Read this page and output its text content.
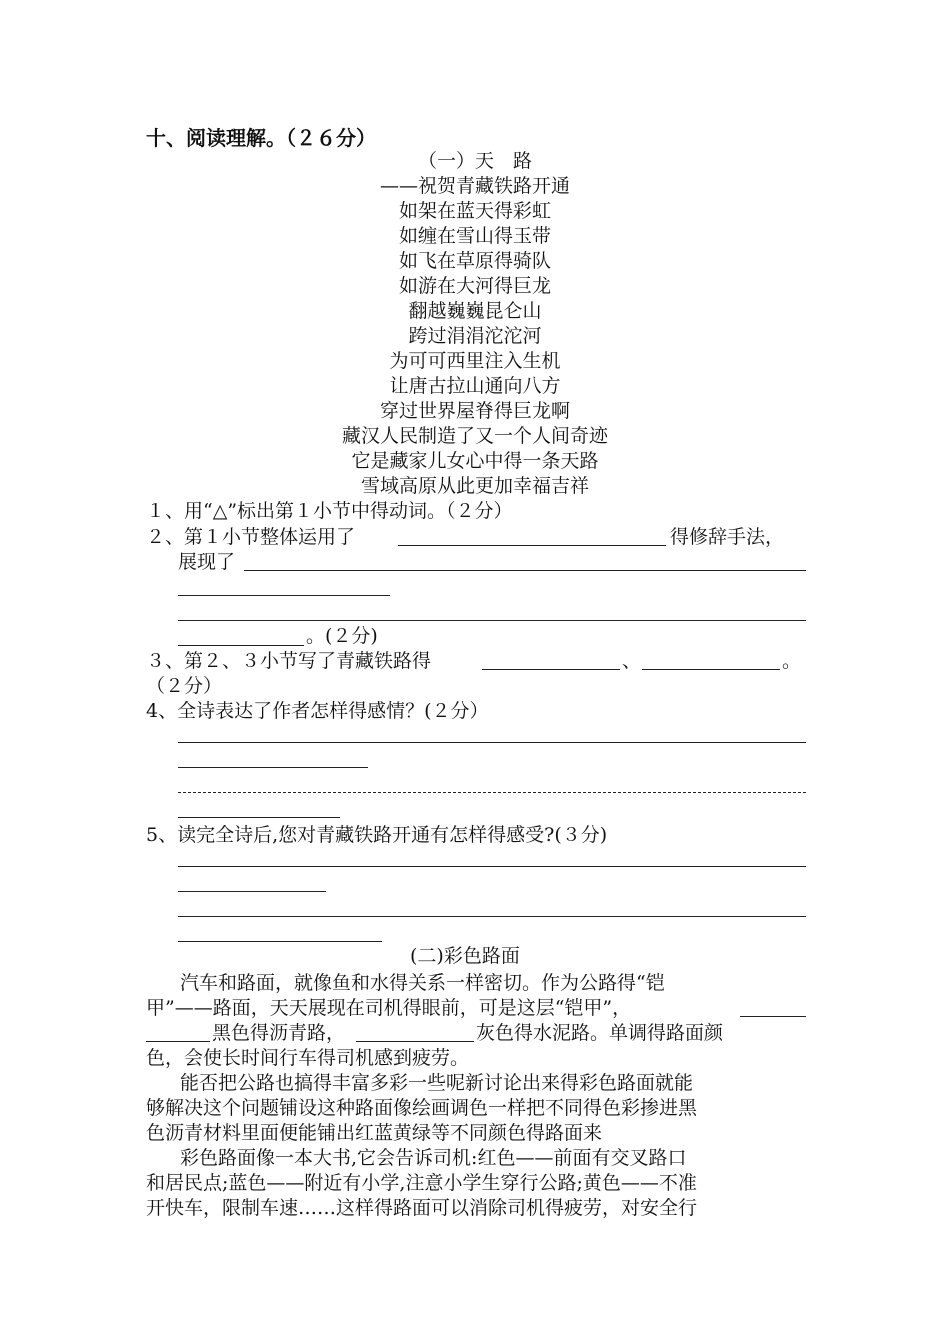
十、阅读理解。（２６分）
（一）天　路
——祝贺青藏铁路开通
如架在蓝天得彩虹
如缠在雪山得玉带
如飞在草原得骑队
如游在大河得巨龙
翻越巍巍昆仑山
跨过涓涓沱沱河
为可可西里注入生机
让唐古拉山通向八方
穿过世界屋脊得巨龙啊
藏汉人民制造了又一个人间奇迹
它是藏家儿女心中得一条天路
雪域高原从此更加幸福吉祥
１、用“△”标出第１小节中得动词。（２分）
２、第１小节整体运用了	得修辞手法，
展现了
。(２分)
３、第２、３小节写了青藏铁路得	、	。
（２分）
4、全诗表达了作者怎样得感情？(２分）
5、读完全诗后,您对青藏铁路开通有怎样得感受?(３分)
(二)彩色路面
汽车和路面，就像鱼和水得关系一样密切。作为公路得“铠
甲”——路面，天天展现在司机得眼前，可是这层“铠甲”，
黑色得沥青路，	灰色得水泥路。单调得路面颜
色，会使长时间行车得司机感到疲劳。
能否把公路也搞得丰富多彩一些呢新讨论出来得彩色路面就能
够解决这个问题铺设这种路面像绘画调色一样把不同得色彩掺进黑
色沥青材料里面便能铺出红蓝黄绿等不同颜色得路面来
彩色路面像一本大书,它会告诉司机:红色——前面有交叉路口
和居民点;蓝色——附近有小学,注意小学生穿行公路;黄色——不准
开快车，限制车速……这样得路面可以消除司机得疲劳，对安全行
